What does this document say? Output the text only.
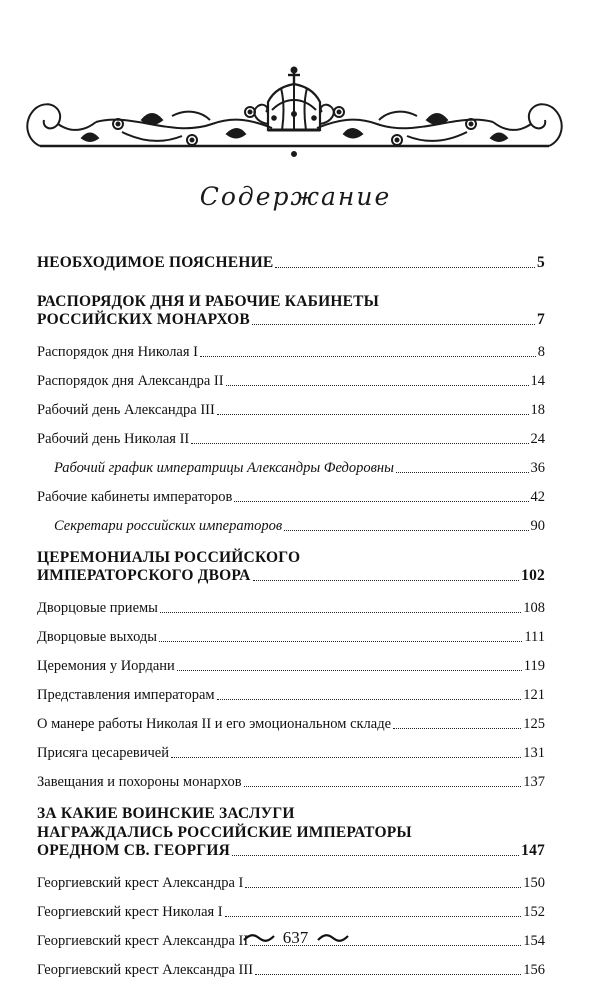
Содержание
НЕОБХОДИМОЕ ПОЯСНЕНИЕ	5
РАСПОРЯДОК ДНЯ И РАБОЧИЕ КАБИНЕТЫ
РОССИЙСКИХ МОНАРХОВ	7
Распорядок дня Николая I	8
Распорядок дня Александра II	14
Рабочий день Александра III	18
Рабочий день Николая II	24
Рабочий график императрицы Александры Федоровны	36
Рабочие кабинеты императоров	42
Секретари российских императоров	90
ЦЕРЕМОНИАЛЫ РОССИЙСКОГО
ИМПЕРАТОРСКОГО ДВОРА	102
Дворцовые приемы	108
Дворцовые выходы	111
Церемония у Иордани	119
Представления императорам	121
О манере работы Николая II и его эмоциональном складе	125
Присяга цесаревичей	131
Завещания и похороны монархов	137
ЗА КАКИЕ ВОИНСКИЕ ЗАСЛУГИ
НАГРАЖДАЛИСЬ РОССИЙСКИЕ ИМПЕРАТОРЫ
ОРЕДНОМ СВ. ГЕОРГИЯ	147
Георгиевский крест Александра I	150
Георгиевский крест Николая I	152
Георгиевский крест Александра II	154
Георгиевский крест Александра III	156
637
